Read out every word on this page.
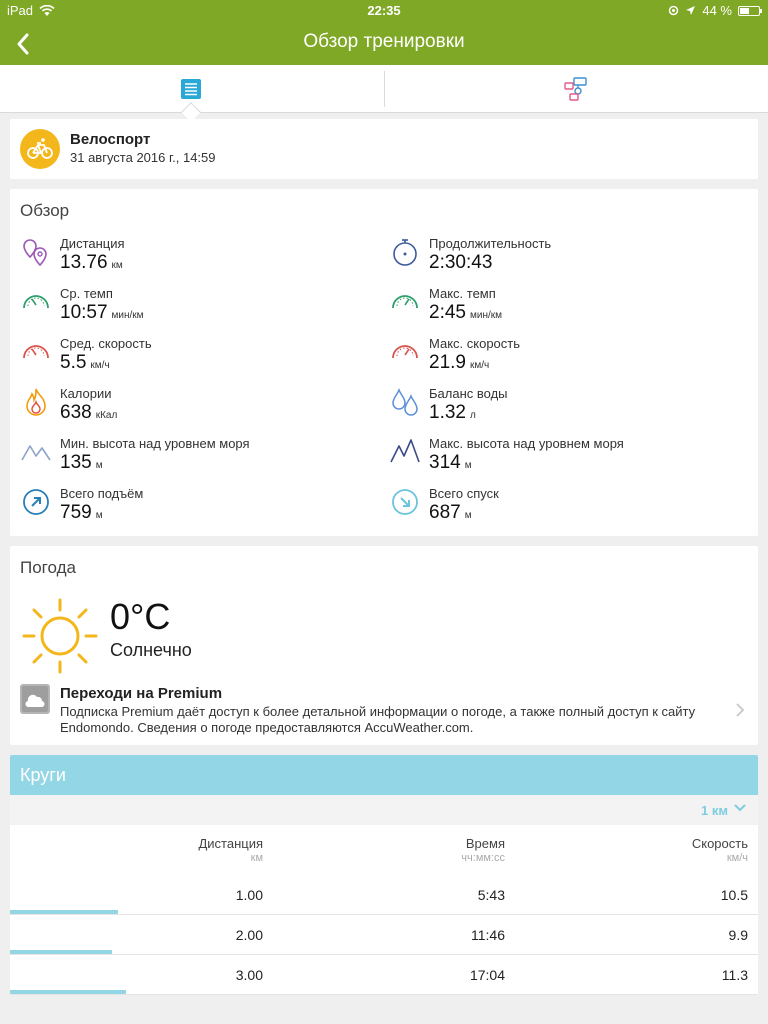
iPad	22:35	44 %
Обзор тренировки
Велоспорт
31 августа 2016 г., 14:59
Обзор
Дистанция
13.76 км
Продолжительность
2:30:43
Ср. темп
10:57 мин/км
Макс. темп
2:45 мин/км
Сред. скорость
5.5 км/ч
Макс. скорость
21.9 км/ч
Калории
638 кКал
Баланс воды
1.32 л
Мин. высота над уровнем моря
135 м
Макс. высота над уровнем моря
314 м
Всего подъём
759 м
Всего спуск
687 м
Погода
0°C
Солнечно
Переходи на Premium
Подписка Premium даёт доступ к более детальной информации о погоде, а также полный доступ к сайту Endomondo. Сведения о погоде предоставляются AccuWeather.com.
Круги
1 км
Дистанция
км
Время
чч:мм:сс
Скорость
км/ч
1.00	5:43	10.5
2.00	11:46	9.9
3.00	17:04	11.3
